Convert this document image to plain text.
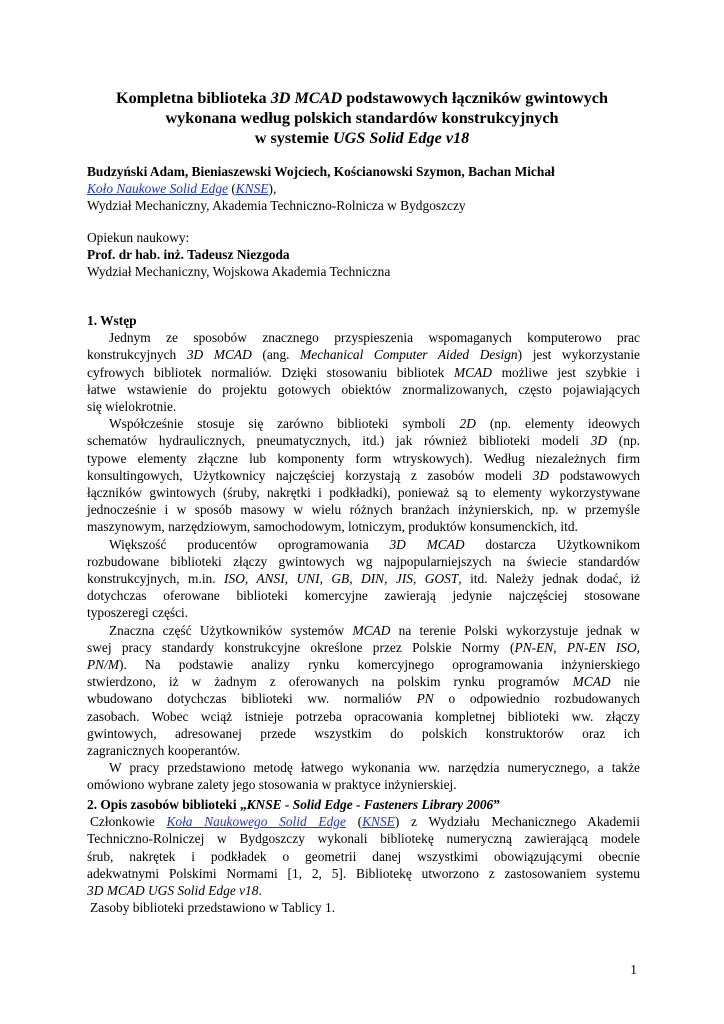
Kompletna biblioteka 3D MCAD podstawowych łączników gwintowych
wykonana według polskich standardów konstrukcyjnych
w systemie UGS Solid Edge v18
Budzyński Adam, Bieniaszewski Wojciech, Kościanowski Szymon, Bachan Michał
Koło Naukowe Solid Edge (KNSE),
Wydział Mechaniczny, Akademia Techniczno-Rolnicza w Bydgoszczy
Opiekun naukowy:
Prof. dr hab. inż. Tadeusz Niezgoda
Wydział Mechaniczny, Wojskowa Akademia Techniczna
1. Wstęp
Jednym ze sposobów znacznego przyspieszenia wspomaganych komputerowo prac
konstrukcyjnych 3D MCAD (ang. Mechanical Computer Aided Design) jest wykorzystanie
cyfrowych bibliotek normaliów. Dzięki stosowaniu bibliotek MCAD możliwe jest szybkie i
łatwe wstawienie do projektu gotowych obiektów znormalizowanych, często pojawiających
się wielokrotnie.
Współcześnie stosuje się zarówno biblioteki symboli 2D (np. elementy ideowych
schematów hydraulicznych, pneumatycznych, itd.) jak również biblioteki modeli 3D (np.
typowe elementy złączne lub komponenty form wtryskowych). Według niezależnych firm
konsultingowych, Użytkownicy najczęściej korzystają z zasobów modeli 3D podstawowych
łączników gwintowych (śruby, nakrętki i podkładki), ponieważ są to elementy wykorzystywane
jednocześnie i w sposób masowy w wielu różnych branżach inżynierskich, np. w przemyśle
maszynowym, narzędziowym, samochodowym, lotniczym, produktów konsumenckich, itd.
Większość producentów oprogramowania 3D MCAD dostarcza Użytkownikom
rozbudowane biblioteki złączy gwintowych wg najpopularniejszych na świecie standardów
konstrukcyjnych, m.in. ISO, ANSI, UNI, GB, DIN, JIS, GOST, itd. Należy jednak dodać, iż
dotychczas oferowane biblioteki komercyjne zawierają jedynie najczęściej stosowane
typoszeregi części.
Znaczna część Użytkowników systemów MCAD na terenie Polski wykorzystuje jednak w
swej pracy standardy konstrukcyjne określone przez Polskie Normy (PN-EN, PN-EN ISO,
PN/M). Na podstawie analizy rynku komercyjnego oprogramowania inżynierskiego
stwierdzono, iż w żadnym z oferowanych na polskim rynku programów MCAD nie
wbudowano dotychczas biblioteki ww. normaliów PN o odpowiednio rozbudowanych
zasobach. Wobec wciąż istnieje potrzeba opracowania kompletnej biblioteki ww. złączy
gwintowych, adresowanej przede wszystkim do polskich konstruktorów oraz ich
zagranicznych kooperantów.
W pracy przedstawiono metodę łatwego wykonania ww. narzędzia numerycznego, a także
omówiono wybrane zalety jego stosowania w praktyce inżynierskiej.
2. Opis zasobów biblioteki „KNSE - Solid Edge - Fasteners Library 2006”
Członkowie Koła Naukowego Solid Edge (KNSE) z Wydziału Mechanicznego Akademii
Techniczno-Rolniczej w Bydgoszczy wykonali bibliotekę numeryczną zawierającą modele
śrub, nakrętek i podkładek o geometrii danej wszystkimi obowiązującymi obecnie
adekwatnymi Polskimi Normami [1, 2, 5]. Bibliotekę utworzono z zastosowaniem systemu
3D MCAD UGS Solid Edge v18.
Zasoby biblioteki przedstawiono w Tablicy 1.
1
